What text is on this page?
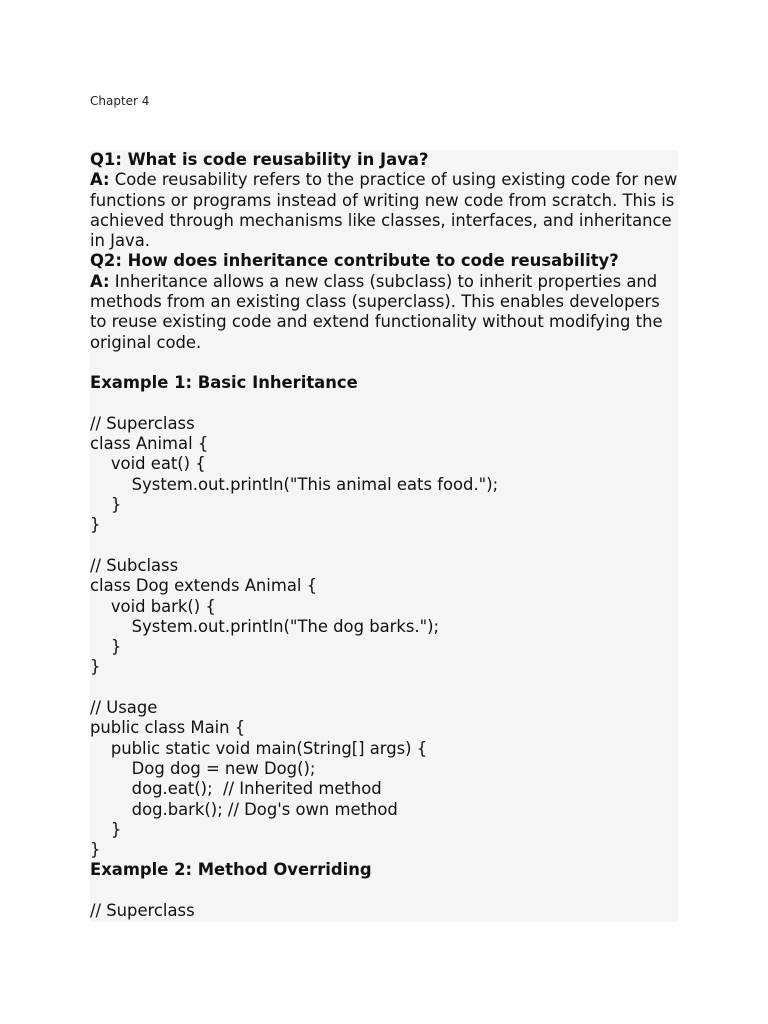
Chapter 4

Q1: What is code reusability in Java?

A: Code reusability refers to the practice of using existing code for new functions or programs instead of writing new code from scratch. This is achieved through mechanisms like classes, interfaces, and inheritance in Java.

Q2: How does inheritance contribute to code reusability?

A: Inheritance allows a new class (subclass) to inherit properties and methods from an existing class (superclass). This enables developers to reuse existing code and extend functionality without modifying the original code.

Example 1: Basic Inheritance

// Superclass
class Animal {
void eat() {
System.out.println("This animal eats food.");
}
}

// Subclass
class Dog extends Animal {
void bark() {
System.out.println("The dog barks.");
}
}

// Usage
public class Main {
public static void main(String[] args) {
Dog dog = new Dog();
dog.eat();  // Inherited method
dog.bark(); // Dog's own method
}
}

Example 2: Method Overriding

// Superclass
